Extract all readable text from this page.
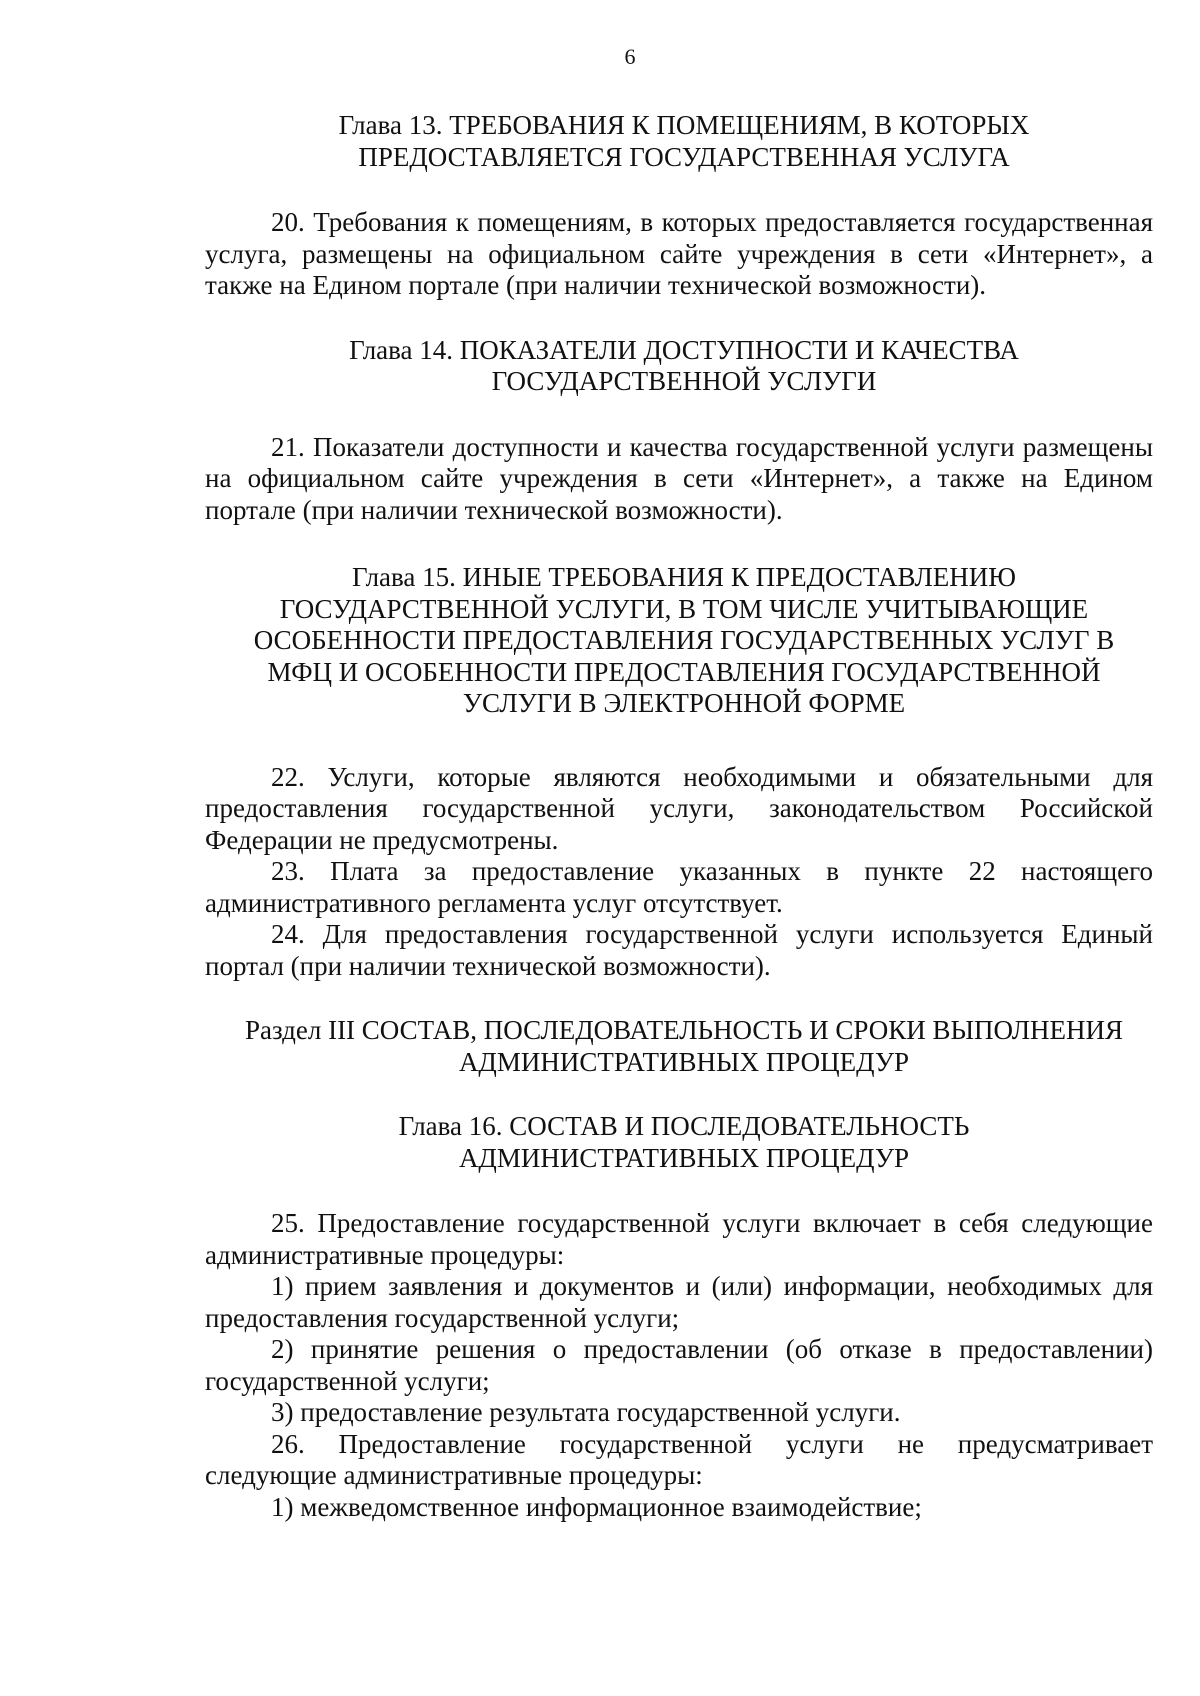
6
Глава 13. ТРЕБОВАНИЯ К ПОМЕЩЕНИЯМ, В КОТОРЫХ
ПРЕДОСТАВЛЯЕТСЯ ГОСУДАРСТВЕННАЯ УСЛУГА

20. Требования к помещениям, в которых предоставляется государственная услуга, размещены на официальном сайте учреждения в сети «Интернет», а также на Едином портале (при наличии технической возможности).

Глава 14. ПОКАЗАТЕЛИ ДОСТУПНОСТИ И КАЧЕСТВА
ГОСУДАРСТВЕННОЙ УСЛУГИ

21. Показатели доступности и качества государственной услуги размещены на официальном сайте учреждения в сети «Интернет», а также на Едином портале (при наличии технической возможности).

Глава 15. ИНЫЕ ТРЕБОВАНИЯ К ПРЕДОСТАВЛЕНИЮ
ГОСУДАРСТВЕННОЙ УСЛУГИ, В ТОМ ЧИСЛЕ УЧИТЫВАЮЩИЕ
ОСОБЕННОСТИ ПРЕДОСТАВЛЕНИЯ ГОСУДАРСТВЕННЫХ УСЛУГ В
МФЦ И ОСОБЕННОСТИ ПРЕДОСТАВЛЕНИЯ ГОСУДАРСТВЕННОЙ
УСЛУГИ В ЭЛЕКТРОННОЙ ФОРМЕ

22. Услуги, которые являются необходимыми и обязательными для предоставления государственной услуги, законодательством Российской Федерации не предусмотрены.

23. Плата за предоставление указанных в пункте 22 настоящего административного регламента услуг отсутствует.

24. Для предоставления государственной услуги используется Единый портал (при наличии технической возможности).

Раздел III СОСТАВ, ПОСЛЕДОВАТЕЛЬНОСТЬ И СРОКИ ВЫПОЛНЕНИЯ
АДМИНИСТРАТИВНЫХ ПРОЦЕДУР
Глава 16. СОСТАВ И ПОСЛЕДОВАТЕЛЬНОСТЬ
АДМИНИСТРАТИВНЫХ ПРОЦЕДУР

25. Предоставление государственной услуги включает в себя следующие административные процедуры:

1) прием заявления и документов и (или) информации, необходимых для предоставления государственной услуги;

2) принятие решения о предоставлении (об отказе в предоставлении) государственной услуги;

3) предоставление результата государственной услуги.

26. Предоставление государственной услуги не предусматривает следующие административные процедуры:

1) межведомственное информационное взаимодействие;
